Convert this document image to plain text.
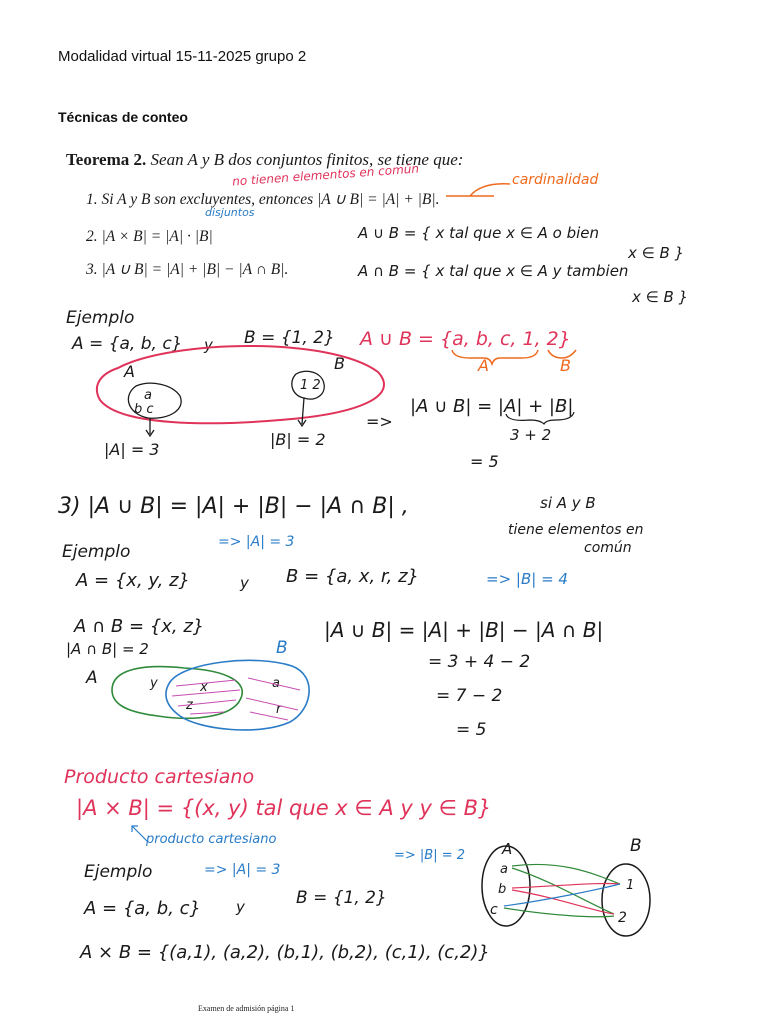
Modalidad virtual 15-11-2025 grupo 2
Técnicas de conteo
Teorema 2. Sean A y B dos conjuntos finitos, se tiene que:
1. Si A y B son excluyentes, entonces |A ∪ B| = |A| + |B|.
2. |A × B| = |A| · |B|
3. |A ∪ B| = |A| + |B| − |A ∩ B|.
no tienen elementos en común	cardinalidad
disjuntos
A ∪ B = { x tal que x ∈ A o bien
x ∈ B }
A ∩ B = { x tal que x ∈ A y tambien
x ∈ B }
Ejemplo
A = {a, b, c} y B = {1, 2} A ∪ B = {a, b, c, 1, 2}
A	B
A	B
a
b c
1 2
|A| = 3
|B| = 2
=>
|A ∪ B| = |A| + |B|
3 + 2
= 5
3) |A ∪ B| = |A| + |B| − |A ∩ B| ,	si A y B
tiene elementos en
común
Ejemplo	=> |A| = 3
A = {x, y, z}	y B = {a, x, r, z}	=> |B| = 4
A ∩ B = {x, z}
|A ∩ B| = 2
|A ∪ B| = |A| + |B| − |A ∩ B|
= 3 + 4 − 2
= 7 − 2
= 5
A
B
y	x
z
a
r
Producto cartesiano
|A × B| = {(x, y) tal que x ∈ A y y ∈ B}
producto cartesiano
Ejemplo	=> |A| = 3
=> |B| = 2
A = {a, b, c} y	B = {1, 2}
A × B = {(a,1), (a,2), (b,1), (b,2), (c,1), (c,2)}
A	B
a
b
c
1
2
Examen de admisión página 1
